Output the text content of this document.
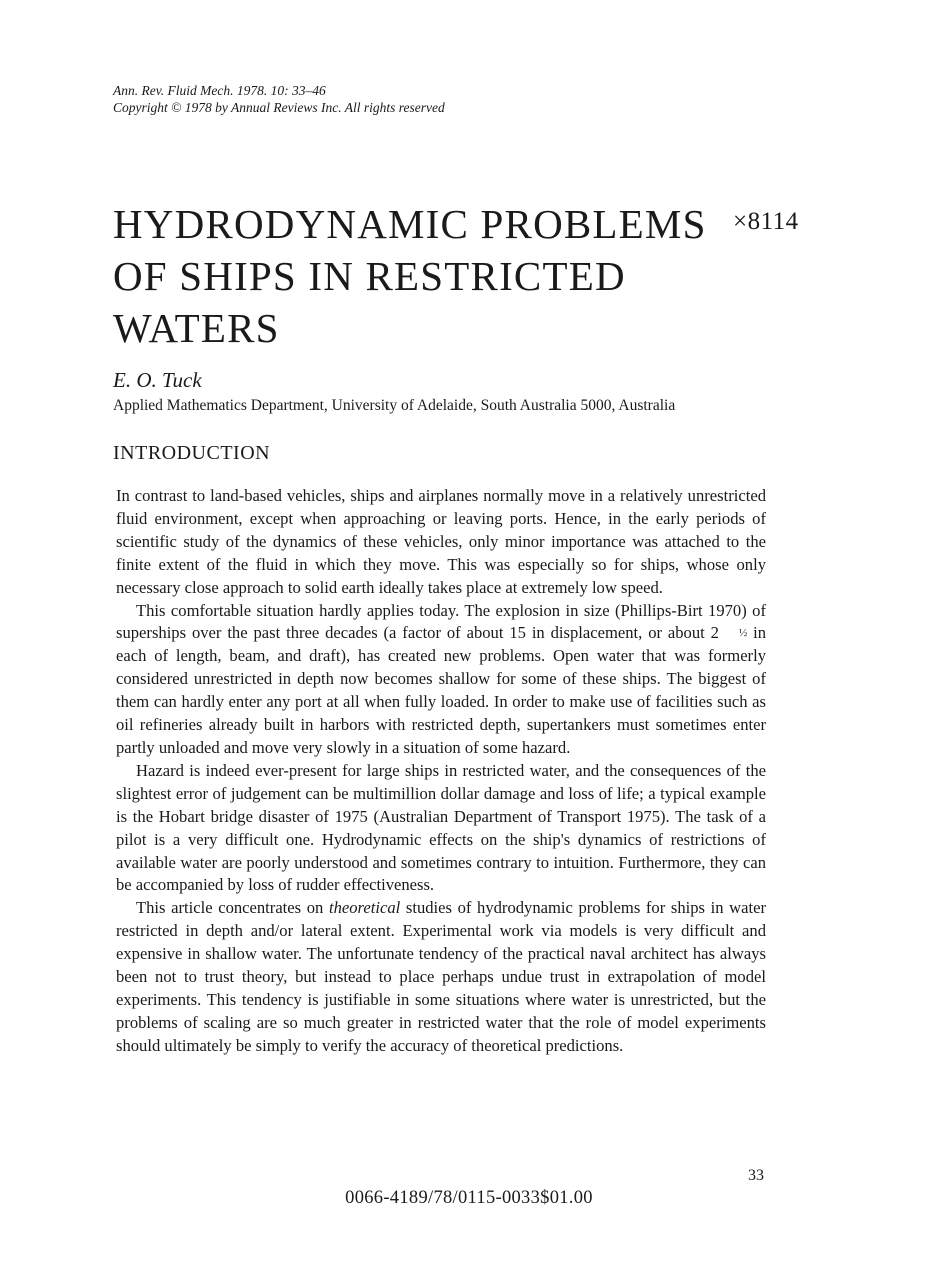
Ann. Rev. Fluid Mech. 1978. 10: 33–46
Copyright © 1978 by Annual Reviews Inc. All rights reserved
HYDRODYNAMIC PROBLEMS
OF SHIPS IN RESTRICTED
WATERS
×8114
E. O. Tuck
Applied Mathematics Department, University of Adelaide, South Australia 5000, Australia
INTRODUCTION

In contrast to land-based vehicles, ships and airplanes normally move in a relatively unrestricted fluid environment, except when approaching or leaving ports. Hence, in the early periods of scientific study of the dynamics of these vehicles, only minor importance was attached to the finite extent of the fluid in which they move. This was especially so for ships, whose only necessary close approach to solid earth ideally takes place at extremely low speed.

This comfortable situation hardly applies today. The explosion in size (Phillips-Birt 1970) of superships over the past three decades (a factor of about 15 in displacement, or about 2 ½ in each of length, beam, and draft), has created new problems. Open water that was formerly considered unrestricted in depth now becomes shallow for some of these ships. The biggest of them can hardly enter any port at all when fully loaded. In order to make use of facilities such as oil refineries already built in harbors with restricted depth, supertankers must sometimes enter partly unloaded and move very slowly in a situation of some hazard.

Hazard is indeed ever-present for large ships in restricted water, and the consequences of the slightest error of judgement can be multimillion dollar damage and loss of life; a typical example is the Hobart bridge disaster of 1975 (Australian Department of Transport 1975). The task of a pilot is a very difficult one. Hydrodynamic effects on the ship's dynamics of restrictions of available water are poorly understood and sometimes contrary to intuition. Furthermore, they can be accompanied by loss of rudder effectiveness.

This article concentrates on theoretical studies of hydrodynamic problems for ships in water restricted in depth and/or lateral extent. Experimental work via models is very difficult and expensive in shallow water. The unfortunate tendency of the practical naval architect has always been not to trust theory, but instead to place perhaps undue trust in extrapolation of model experiments. This tendency is justifiable in some situations where water is unrestricted, but the problems of scaling are so much greater in restricted water that the role of model experiments should ultimately be simply to verify the accuracy of theoretical predictions.

33
0066-4189/78/0115-0033$01.00
